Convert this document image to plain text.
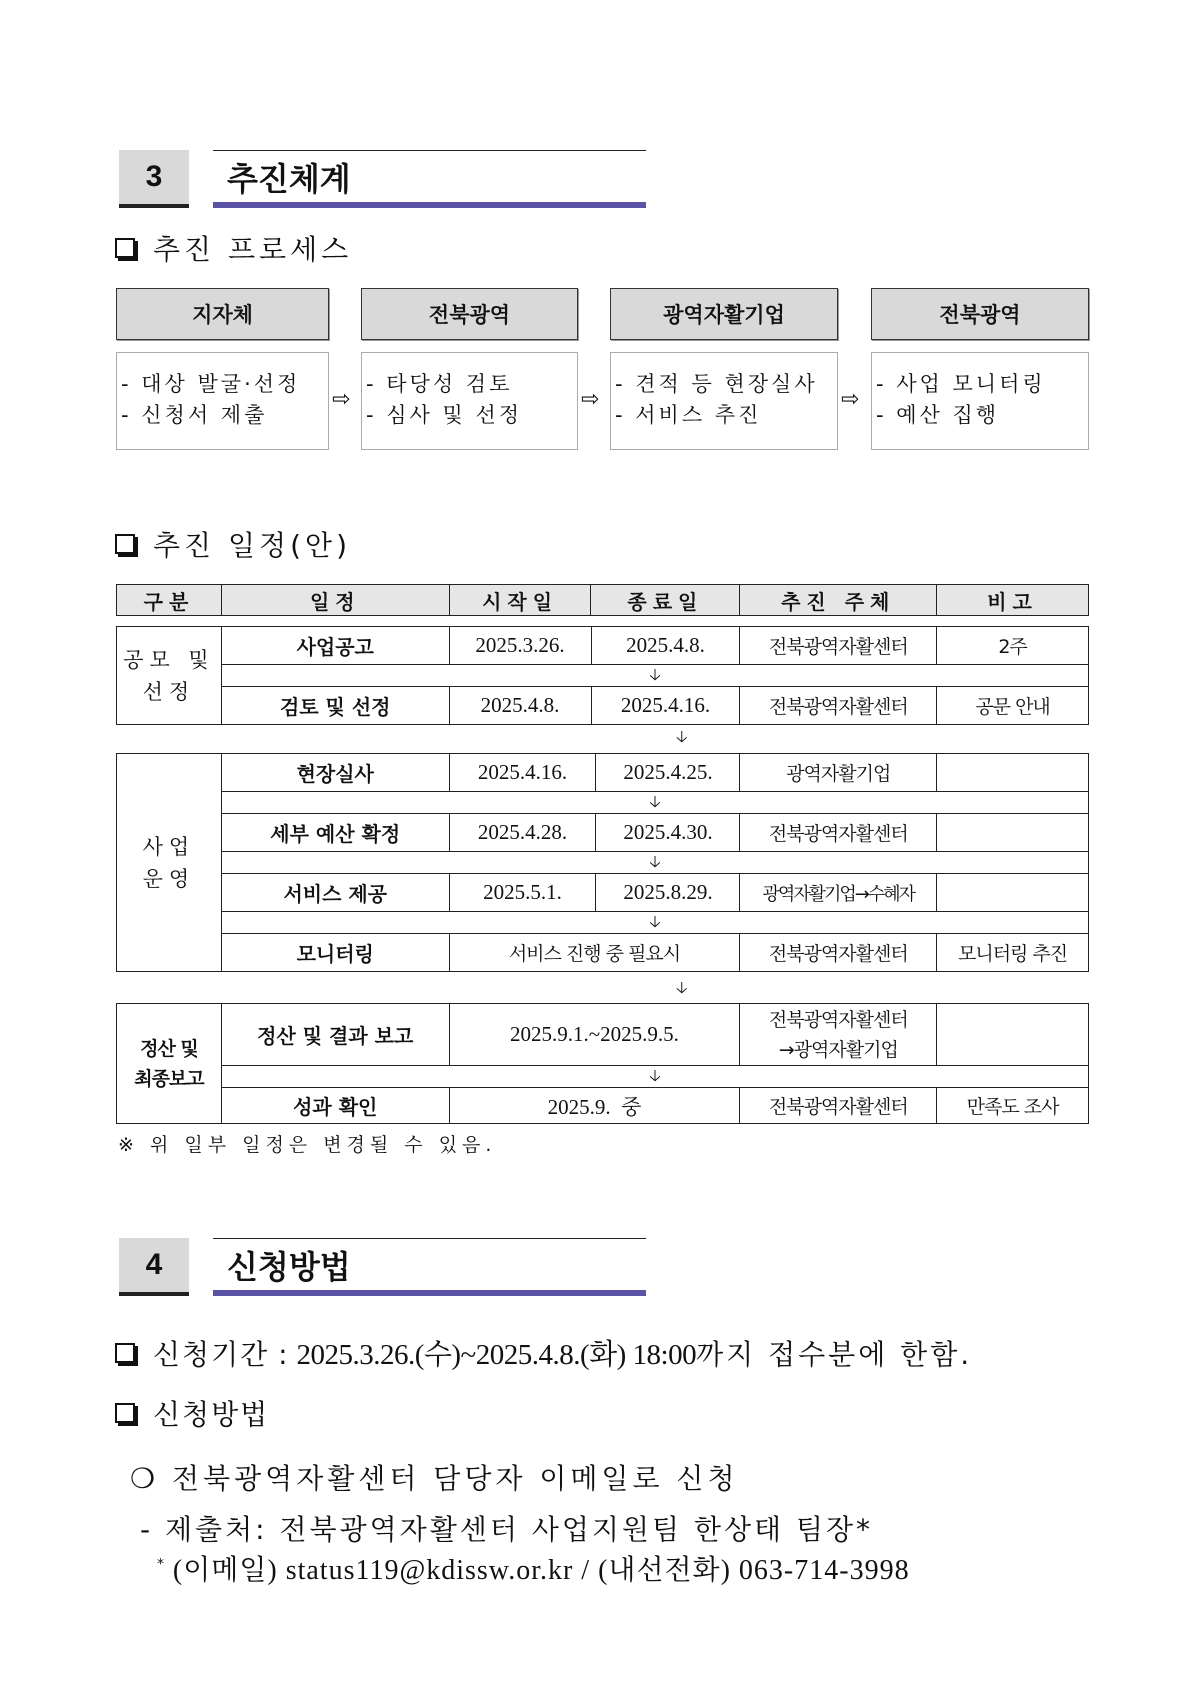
3	추진체계
추진 프로세스
지자체
- 대상 발굴·선정
- 신청서 제출
⇨
전북광역
- 타당성 검토
- 심사 및 선정
⇨
광역자활기업
- 견적 등 현장실사
- 서비스 추진
⇨
전북광역
- 사업 모니터링
- 예산 집행
추진 일정(안)
구분	일정	시작일	종료일	추진 주체	비고
공모 및
선정	사업공고	2025.3.26.	2025.4.8.	전북광역자활센터	2주
	🡣				
	검토 및 선정	2025.4.8.	2025.4.16.	전북광역자활센터	공문 안내
🡣
사업
운영	현장실사	2025.4.16.	2025.4.25.	광역자활기업	
	🡣				
	세부 예산 확정	2025.4.28.	2025.4.30.	전북광역자활센터	
	🡣				
	서비스 제공	2025.5.1.	2025.8.29.	광역자활기업→수혜자	
	🡣				
	모니터링	서비스 진행 중 필요시		전북광역자활센터	모니터링 추진
🡣
정산 및
최종보고	정산 및 결과 보고	2025.9.1.~2025.9.5.	전북광역자활센터
→광역자활기업	
	🡣			
	성과 확인	2025.9.  중	전북광역자활센터	만족도 조사
※ 위 일부 일정은 변경될 수 있음.
4	신청방법
신청기간 : 2025.3.26.(수)~2025.4.8.(화) 18:00까지 접수분에 한함.
신청방법
❍ 전북광역자활센터 담당자 이메일로 신청
- 제출처: 전북광역자활센터 사업지원팀 한상태 팀장*
* (이메일) status119@kdissw.or.kr / (내선전화) 063-714-3998
